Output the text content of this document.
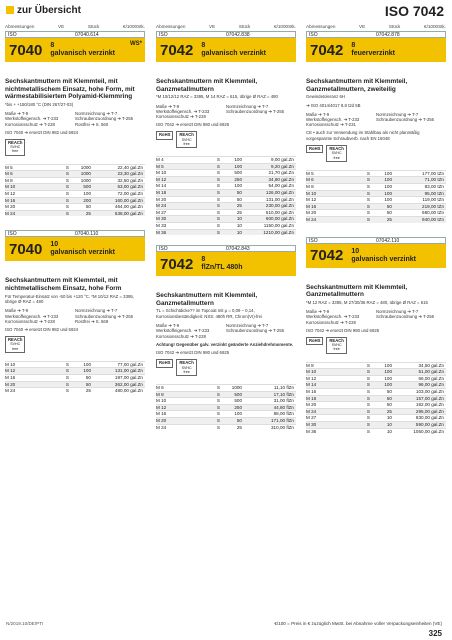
zur Übersicht	ISO 7042
Abmessungen	VE	Stück	€/1000Stk.
ISO	07040.614
7040 8
galvanisch verzinkt
WS*
Sechskantmuttern mit Klemmteil, mit nichtmetallischem Einsatz, hohe Form, mit wärmestabilisiertem Polyamid-Klemmring
*bis + +150/180 °C (DIN 267/27-03)
Maße ➔ T-9	Normzeichnung ➔ T-7
Werkstoffeigensch. ➔ T-233	Schraubenzuordnung ➔ T-255
Korrosionsschutz ➔ T-228	Rostfrei ➔ S. 560
ISO 7040 ➔ ersetzt DIN 982 und 6924
REACh
SVHC
free
M 5	S	1000	22,40 gal.Zn
M 6	S	1000	23,30 gal.Zn
M 8	S	1000	32,50 gal.Zn
M 10	S	500	53,00 gal.Zn
M 12	S	100	72,00 gal.Zn
M 16	S	200	160,00 gal.Zn
M 20	S	50	464,00 gal.Zn
M 24	S	25	538,00 gal.Zn
ISO	07040.110
7040 10
galvanisch verzinkt
Sechskantmuttern mit Klemmteil, mit nichtmetallischem Einsatz, hohe Form
Für Temperatur-Einsatz von -50 bis +120 °C. *M 10/12 RAZ = 3395, übrige Ø RAZ = 480
Maße ➔ T-9	Normzeichnung ➔ T-7
Werkstoffeigensch. ➔ T-233	Schraubenzuordnung ➔ T-255
Korrosionsschutz ➔ T-228	Rostfrei ➔ S. 569
ISO 7040 ➔ ersetzt DIN 982 und 6924
REACh
SVHC
free
M 10	S	100	77,00 gal.Zn
M 12	S	100	131,00 gal.Zn
M 16	S	50	197,00 gal.Zn
M 20	S	50	362,00 gal.Zn
M 24	S	25	480,00 gal.Zn
Abmessungen	VE	Stück	€/1000Stk.
ISO	07042.838
7042 8
galvanisch verzinkt
Sechskantmuttern mit Klemmteil, Ganzmetallmuttern
*M 10/12/12 RAZ = 3395, M 14 RAZ = 615, übrige Ø RAZ = 480
Maße ➔ T-9	Normzeichnung ➔ T-7
Werkstoffeigensch. ➔ T-233	Schraubenzuordnung ➔ T-255
Korrosionsschutz ➔ T-228
ISO 7042 ➔ ersetzt DIN 980 und 6925
RoHS REACh
SVHC
free
M 4	S	100	9,00 gal.Zn
M 5	S	100	9,20 gal.Zn
M 10	S	500	21,70 gal.Zn
M 12	S	250	34,80 gal.Zn
M 14	S	100	54,00 gal.Zn
M 18	S	50	126,00 gal.Zn
M 20	S	50	131,00 gal.Zn
M 24	S	25	230,00 gal.Zn
M 27	S	25	510,00 gal.Zn
M 30	S	10	600,00 gal.Zn
M 33	S	10	1150,00 gal.Zn
M 36	S	10	1210,00 gal.Zn
ISO	07042.843
7042 8
flZn/TL 480h
Sechskantmuttern mit Klemmteil, Ganzmetallmuttern
TL = Schichtdicke?? im Topcoat mit μ = 0,09 – 0,14, Korrosionsbeständigkeit: NSS: 480h RR, Chrom(VI)-frei
Maße ➔ T-9	Normzeichnung ➔ T-7
Werkstoffeigensch. ➔ T-233	Schraubenzuordnung ➔ T-255
Korrosionsschutz ➔ T-228
Achtung! Gegenüber galv. verzinkt geänderte Anziehdrehmomente.
ISO 7042 ➔ ersetzt DIN 980 und 6925
RoHS REACh
SVHC
free
M 6	S	1000	11,10 flZn
M 8	S	500	17,10 flZn
M 10	S	500	31,00 flZn
M 12	S	250	44,80 flZn
M 16	S	100	88,00 flZn
M 20	S	50	171,00 flZn
M 24	S	25	310,00 flZn
Abmessungen	VE	Stück	€/1000Stk.
ISO	07042.878
7042 8
feuerverzinkt
Sechskantmuttern mit Klemmteil, Ganzmetallmuttern, zweiteilig
Gewindetoleranz 6H
➔ ISO 4014/4017 8.8 t2d 5B
Maße ➔ T-9	Normzeichnung ➔ T-7
Werkstoffeigensch. ➔ T-233	Schraubenzuordnung ➔ T-256
Korrosionsschutz ➔ T-231
CE • auch zur Verwendung im Stahlbau als nicht planmäßig vorgespannte Schraubverb. nach EN 15048
RoHS REACh
SVHC
free
M 5	S	100	177,00 tZn
M 6	S	100	71,00 tZn
M 8	S	100	83,00 tZn
M 10	S	100	95,00 tZn
M 12	S	100	119,00 tZn
M 16	S	50	219,00 tZn
M 20	S	50	680,00 tZn
M 24	S	25	940,00 tZn
ISO	07042.110
7042 10
galvanisch verzinkt
Sechskantmuttern mit Klemmteil, Ganzmetallmuttern
*M 12 RAZ = 3395, M 27/30/36 RAZ = 480, übrige Ø RAZ = 615
Maße ➔ T-9	Normzeichnung ➔ T-7
Werkstoffeigensch. ➔ T-233	Schraubenzuordnung ➔ T-256
Korrosionsschutz ➔ T-228
ISO 7042 ➔ ersetzt DIN 980 und 6925
RoHS REACh
SVHC
free
M 8	S	100	34,50 gal.Zn
M 10	S	100	51,00 gal.Zn
M 12	S	100	66,00 gal.Zn
M 14	S	100	96,00 gal.Zn
M 16	S	50	103,00 gal.Zn
M 18	S	50	157,00 gal.Zn
M 20	S	50	182,00 gal.Zn
M 24	S	25	295,00 gal.Zn
M 27	S	10	830,00 gal.Zn
M 30	S	10	590,00 gal.Zn
M 36	S	10	1050,00 gal.Zn
N/2019.10/DE/PTI	€/100 = Preis in € zuzüglich MwSt. bei Abnahme voller Verpackungseinheiten (VE)
325
